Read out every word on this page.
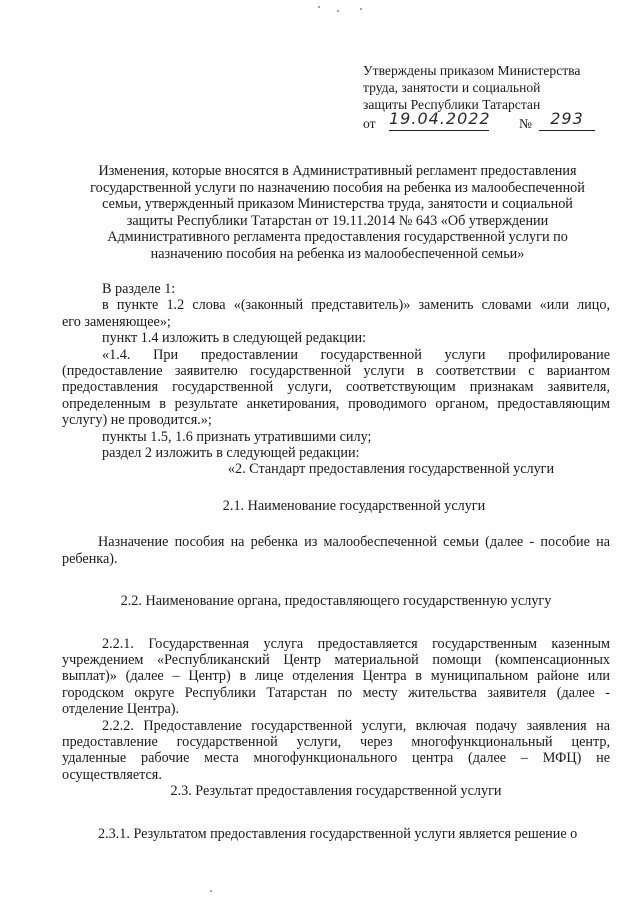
Утверждены приказом Министерства
труда, занятости и социальной
защиты Республики Татарстан
от 19.04.2022 №	293
Изменения, которые вносятся в Административный регламент предоставления
государственной услуги по назначению пособия на ребенка из малообеспеченной
семьи, утвержденный приказом Министерства труда, занятости и социальной
защиты Республики Татарстан от 19.11.2014 № 643 «Об утверждении
Административного регламента предоставления государственной услуги по
назначению пособия на ребенка из малообеспеченной семьи»
В разделе 1:
в пункте 1.2 слова «(законный представитель)» заменить словами «или лицо,
его заменяющее»;
пункт 1.4 изложить в следующей редакции:
«1.4. При предоставлении государственной услуги профилирование
(предоставление заявителю государственной услуги в соответствии с вариантом
предоставления государственной услуги, соответствующим признакам заявителя,
определенным в результате анкетирования, проводимого органом, предоставляющим
услугу) не проводится.»;
пункты 1.5, 1.6 признать утратившими силу;
раздел 2 изложить в следующей редакции:
«2. Стандарт предоставления государственной услуги
2.1. Наименование государственной услуги
Назначение пособия на ребенка из малообеспеченной семьи (далее - пособие на
ребенка).
2.2. Наименование органа, предоставляющего государственную услугу
2.2.1. Государственная услуга предоставляется государственным казенным
учреждением «Республиканский Центр материальной помощи (компенсационных
выплат)» (далее – Центр) в лице отделения Центра в муниципальном районе или
городском округе Республики Татарстан по месту жительства заявителя (далее -
отделение Центра).
2.2.2. Предоставление государственной услуги, включая подачу заявления на
предоставление государственной услуги, через многофункциональный центр,
удаленные рабочие места многофункционального центра (далее – МФЦ) не
осуществляется.
2.3. Результат предоставления государственной услуги
2.3.1. Результатом предоставления государственной услуги является решение о
